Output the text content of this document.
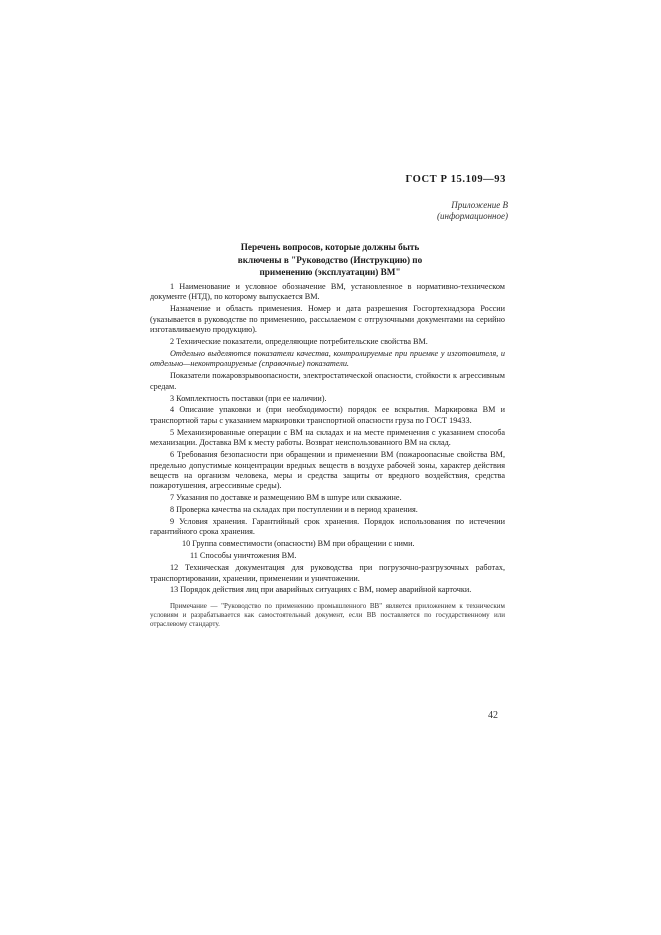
ГОСТ Р 15.109—93
Приложение В
(информационное)
Перечень вопросов, которые должны быть
включены в "Руководство (Инструкцию) по
применению (эксплуатации) ВМ"

1 Наименование и условное обозначение ВМ, установленное в нормативно-техническом документе (НТД), по которому выпускается ВМ.

Назначение и область применения. Номер и дата разрешения Госгортехнадзора России (указывается в руководстве по применению, рассылаемом с отгрузочными документами на серийно изготавливаемую продукцию).

2 Технические показатели, определяющие потребительские свойства ВМ.

Отдельно выделяются показатели качества, контролируемые при приемке у изготовителя, и отдельно—неконтролируемые (справочные) показатели.

Показатели пожаровзрывоопасности, электростатической опасности, стойкости к агрессивным средам.

3 Комплектность поставки (при ее наличии).

4 Описание упаковки и (при необходимости) порядок ее вскрытия. Маркировка ВМ и транспортной тары с указанием маркировки транспортной опасности груза по ГОСТ 19433.

5 Механизированные операции с ВМ на складах и на месте применения с указанием способа механизации. Доставка ВМ к месту работы. Возврат неиспользованного ВМ на склад.

6 Требования безопасности при обращении и применении ВМ (пожароопасные свойства ВМ, предельно допустимые концентрации вредных веществ в воздухе рабочей зоны, характер действия веществ на организм человека, меры и средства защиты от вредного воздействия, средства пожаротушения, агрессивные среды).

7 Указания по доставке и размещению ВМ в шпуре или скважине.

8 Проверка качества на складах при поступлении и в период хранения.

9 Условия хранения. Гарантийный срок хранения. Порядок использования по истечении гарантийного срока хранения.

10 Группа совместимости (опасности) ВМ при обращении с ними.

11 Способы уничтожения ВМ.

12 Техническая документация для руководства при погрузочно-разгрузочных работах, транспортировании, хранении, применении и уничтожении.

13 Порядок действия лиц при аварийных ситуациях с ВМ, номер аварийной карточки.

Примечание — "Руководство по применению промышленного ВВ" является приложением к техническим условиям и разрабатывается как самостоятельный документ, если ВВ поставляется по государственному или отраслевому стандарту.

42
